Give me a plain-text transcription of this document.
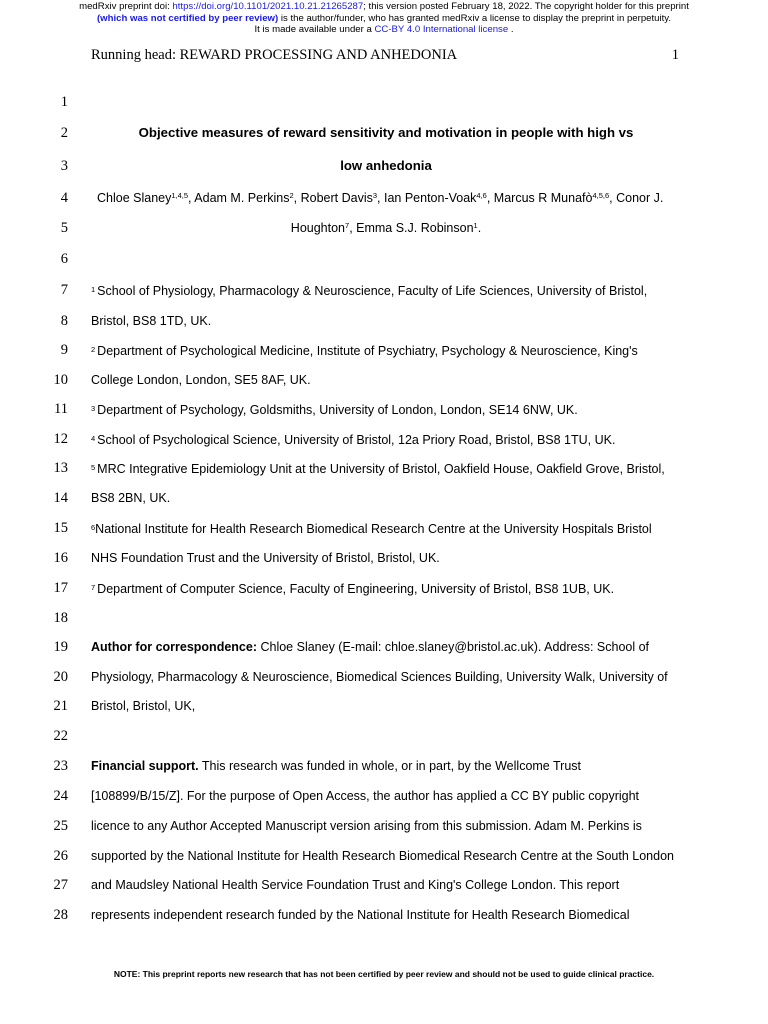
medRxiv preprint doi: https://doi.org/10.1101/2021.10.21.21265287; this version posted February 18, 2022. The copyright holder for this preprint
(which was not certified by peer review) is the author/funder, who has granted medRxiv a license to display the preprint in perpetuity.
It is made available under a CC-BY 4.0 International license .
Running head: REWARD PROCESSING AND ANHEDONIA	1
1
2	Objective measures of reward sensitivity and motivation in people with high vs
3	low anhedonia
4 Chloe Slaney$^{1,4,5}$, Adam M. Perkins$^2$, Robert Davis$^3$, Ian Penton-Voak$^{4,6}$, Marcus R Munafò$^{4,5,6}$, Conor J.
5	Houghton$^7$, Emma S.J. Robinson$^1$.
6
7	$^1$ School of Physiology, Pharmacology & Neuroscience, Faculty of Life Sciences, University of Bristol,
8 Bristol, BS8 1TD, UK.
9	$^2$ Department of Psychological Medicine, Institute of Psychiatry, Psychology & Neuroscience, King's
10 College London, London, SE5 8AF, UK.
11	$^3$ Department of Psychology, Goldsmiths, University of London, London, SE14 6NW, UK.
12	$^4$ School of Psychological Science, University of Bristol, 12a Priory Road, Bristol, BS8 1TU, UK.
13	$^5$ MRC Integrative Epidemiology Unit at the University of Bristol, Oakfield House, Oakfield Grove, Bristol,
14 BS8 2BN, UK.
15	$^6$National Institute for Health Research Biomedical Research Centre at the University Hospitals Bristol
16 NHS Foundation Trust and the University of Bristol, Bristol, UK.
17	$^7$ Department of Computer Science, Faculty of Engineering, University of Bristol, BS8 1UB, UK.
18
19 Author for correspondence: Chloe Slaney (E-mail: chloe.slaney@bristol.ac.uk). Address: School of
20 Physiology, Pharmacology & Neuroscience, Biomedical Sciences Building, University Walk, University of
21 Bristol, Bristol, UK,
22
23 Financial support. This research was funded in whole, or in part, by the Wellcome Trust
24 [108899/B/15/Z]. For the purpose of Open Access, the author has applied a CC BY public copyright
25 licence to any Author Accepted Manuscript version arising from this submission. Adam M. Perkins is
26 supported by the National Institute for Health Research Biomedical Research Centre at the South London
27 and Maudsley National Health Service Foundation Trust and King's College London. This report
28 represents independent research funded by the National Institute for Health Research Biomedical
NOTE: This preprint reports new research that has not been certified by peer review and should not be used to guide clinical practice.
